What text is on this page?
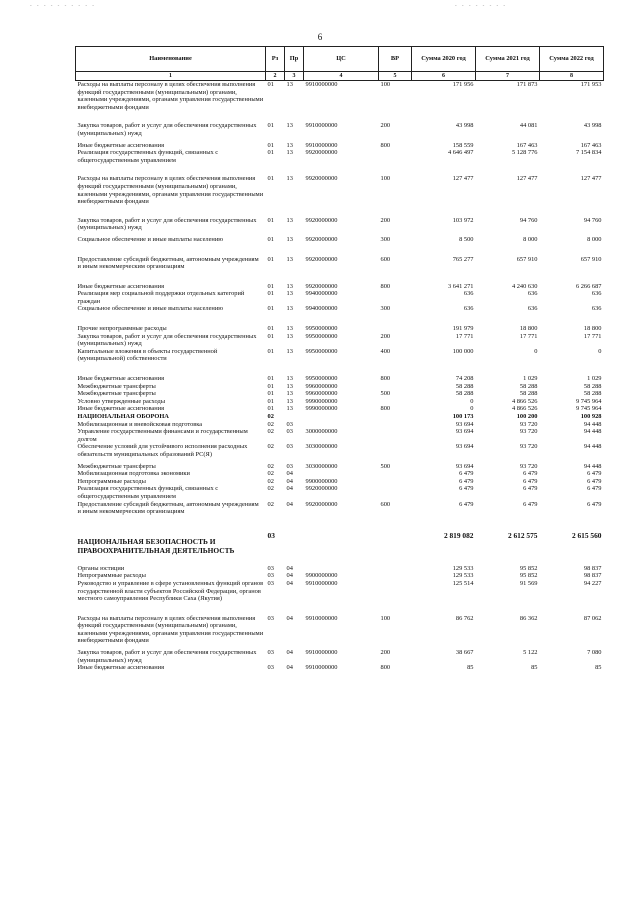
- - - - - - - - - -	- - - - - - - -
6
Наименование	Рз	Пр	ЦС	ВР	Сумма 2020 год	Сумма 2021 год	Сумма 2022 год
1	2	3	4	5	6	7	8
Расходы на выплаты персоналу в целях обеспечения выполнения функций государственными (муниципальными) органами, казенными учреждениями, органами управления государственными внебюджетными фондами	01	13	9910000000	100	171 956	171 873	171 953
Закупка товаров, работ и услуг для обеспечения государственных (муниципальных) нужд	01	13	9910000000	200	43 998	44 081	43 998
Иные бюджетные ассигнования	01	13	9910000000	800	158 559	167 463	167 463
Реализация государственных функций, связанных с общегосударственным управлением	01	13	9920000000		4 646 497	5 128 776	7 154 834
Расходы на выплаты персоналу в целях обеспечения выполнения функций государственными (муниципальными) органами, казенными учреждениями, органами управления государственными внебюджетными фондами	01	13	9920000000	100	127 477	127 477	127 477
Закупка товаров, работ и услуг для обеспечения государственных (муниципальных) нужд	01	13	9920000000	200	103 972	94 760	94 760
Социальное обеспечение и иные выплаты населению	01	13	9920000000	300	8 500	8 000	8 000
Предоставление субсидий бюджетным, автономным учреждениям и иным некоммерческим организациям	01	13	9920000000	600	765 277	657 910	657 910
Иные бюджетные ассигнования	01	13	9920000000	800	3 641 271	4 240 630	6 266 687
Реализация мер социальной поддержки отдельных категорий граждан	01	13	9940000000		636	636	636
Социальное обеспечение и иные выплаты населению	01	13	9940000000	300	636	636	636
Прочие непрограммные расходы	01	13	9950000000		191 979	18 800	18 800
Закупка товаров, работ и услуг для обеспечения государственных (муниципальных) нужд	01	13	9950000000	200	17 771	17 771	17 771
Капитальные вложения в объекты государственной (муниципальной) собственности	01	13	9950000000	400	100 000	0	0
Иные бюджетные ассигнования	01	13	9950000000	800	74 208	1 029	1 029
Межбюджетные трансферты	01	13	9960000000		58 288	58 288	58 288
Межбюджетные трансферты	01	13	9960000000	500	58 288	58 288	58 288
Условно утвержденные расходы	01	13	9990000000		0	4 866 526	9 745 964
Иные бюджетные ассигнования	01	13	9990000000	800	0	4 866 526	9 745 964
НАЦИОНАЛЬНАЯ ОБОРОНА	02				100 173	100 200	100 928
Мобилизационная и вневойсковая подготовка	02	03			93 694	93 720	94 448
Управление государственными финансами и государственным долгом	02	03	3000000000		93 694	93 720	94 448
Обеспечение условий для устойчивого исполнения расходных обязательств муниципальных образований РС(Я)	02	03	3030000000		93 694	93 720	94 448
Межбюджетные трансферты	02	03	3030000000	500	93 694	93 720	94 448
Мобилизационная подготовка экономики	02	04			6 479	6 479	6 479
Непрограммные расходы	02	04	9900000000		6 479	6 479	6 479
Реализация государственных функций, связанных с общегосударственным управлением	02	04	9920000000		6 479	6 479	6 479
Предоставление субсидий бюджетным, автономным учреждениям и иным некоммерческим организациям	02	04	9920000000	600	6 479	6 479	6 479
НАЦИОНАЛЬНАЯ БЕЗОПАСНОСТЬ И ПРАВООХРАНИТЕЛЬНАЯ ДЕЯТЕЛЬНОСТЬ	03				2 819 082	2 612 575	2 615 560
Органы юстиции	03	04			129 533	95 852	98 837
Непрограммные расходы	03	04	9900000000		129 533	95 852	98 837
Руководство и управление в сфере установленных функций органов государственной власти субъектов Российской Федерации, органов местного самоуправления Республики Саха (Якутия)	03	04	9910000000		125 514	91 569	94 227
Расходы на выплаты персоналу в целях обеспечения выполнения функций государственными (муниципальными) органами, казенными учреждениями, органами управления государственными внебюджетными фондами	03	04	9910000000	100	86 762	86 362	87 062
Закупка товаров, работ и услуг для обеспечения государственных (муниципальных) нужд	03	04	9910000000	200	38 667	5 122	7 080
Иные бюджетные ассигнования	03	04	9910000000	800	85	85	85
